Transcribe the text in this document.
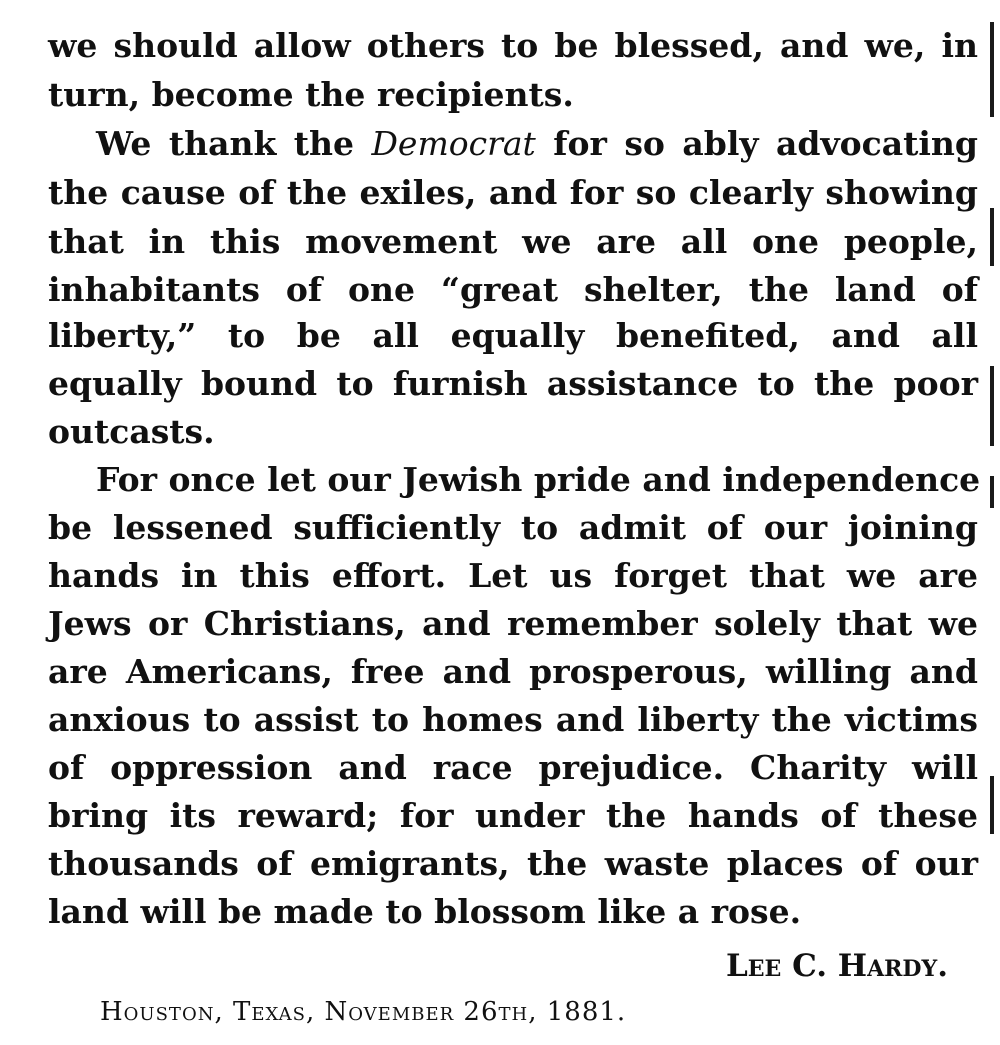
we should allow others to be blessed, and we, in
turn, become the recipients.
We thank the Democrat for so ably advocating
the cause of the exiles, and for so clearly showing
that in this movement we are all one people,
inhabitants of one “great shelter, the land of
liberty,” to be all equally benefited, and all
equally bound to furnish assistance to the poor
outcasts.
For once let our Jewish pride and independence
be lessened sufficiently to admit of our joining
hands in this effort. Let us forget that we are
Jews or Christians, and remember solely that we
are Americans, free and prosperous, willing and
anxious to assist to homes and liberty the victims
of oppression and race prejudice. Charity will
bring its reward; for under the hands of these
thousands of emigrants, the waste places of our
land will be made to blossom like a rose.
Lee C. Hardy.
Houston, Texas, November 26th, 1881.
